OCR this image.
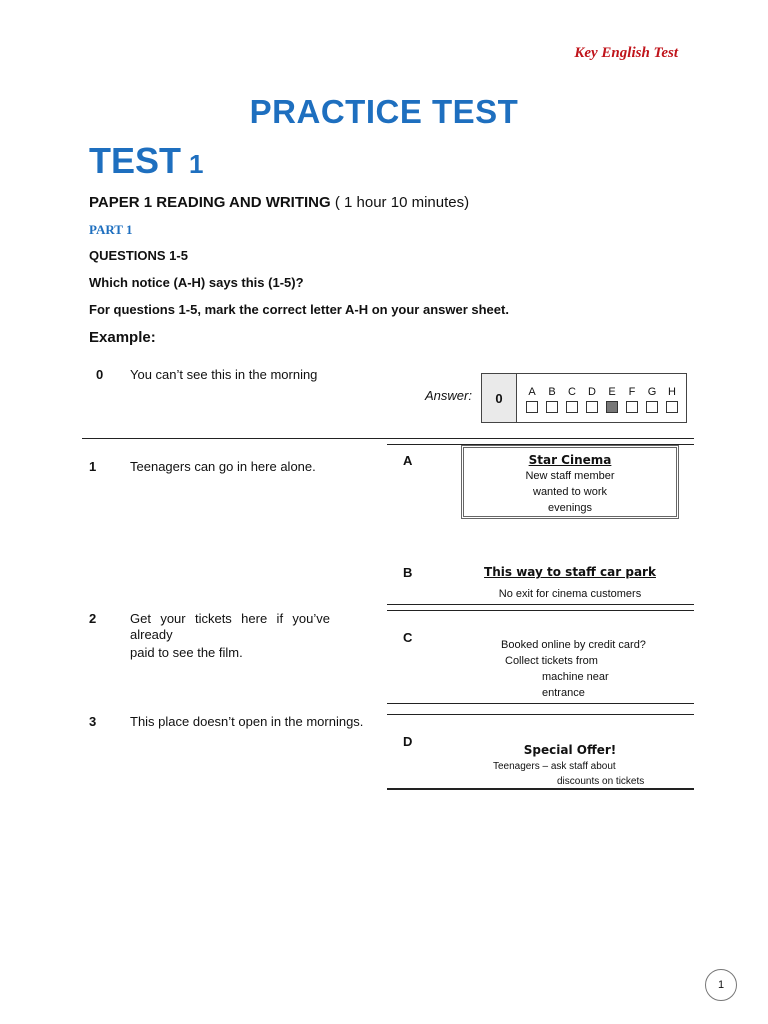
Key English Test
PRACTICE TEST
TEST 1
PAPER 1 READING AND WRITING ( 1 hour 10 minutes)
PART 1
QUESTIONS 1-5
Which notice (A-H) says this (1-5)?
For questions 1-5, mark the correct letter A-H on your answer sheet.
Example:
0 You can’t see this in the morning
Answer:	0	A	B	C	D	E	F	G	H
1	Teenagers can go in here alone.
2	Get your tickets here if you’ve
already
paid to see the film.
3	This place doesn’t open in the mornings.
A	Star Cinema
New staff member
wanted to work
evenings
B	This way to staff car park
No exit for cinema customers
C	Booked online by credit card?
Collect tickets from
machine near
entrance
D
Special Offer!
Teenagers – ask staff about
discounts on tickets
1
